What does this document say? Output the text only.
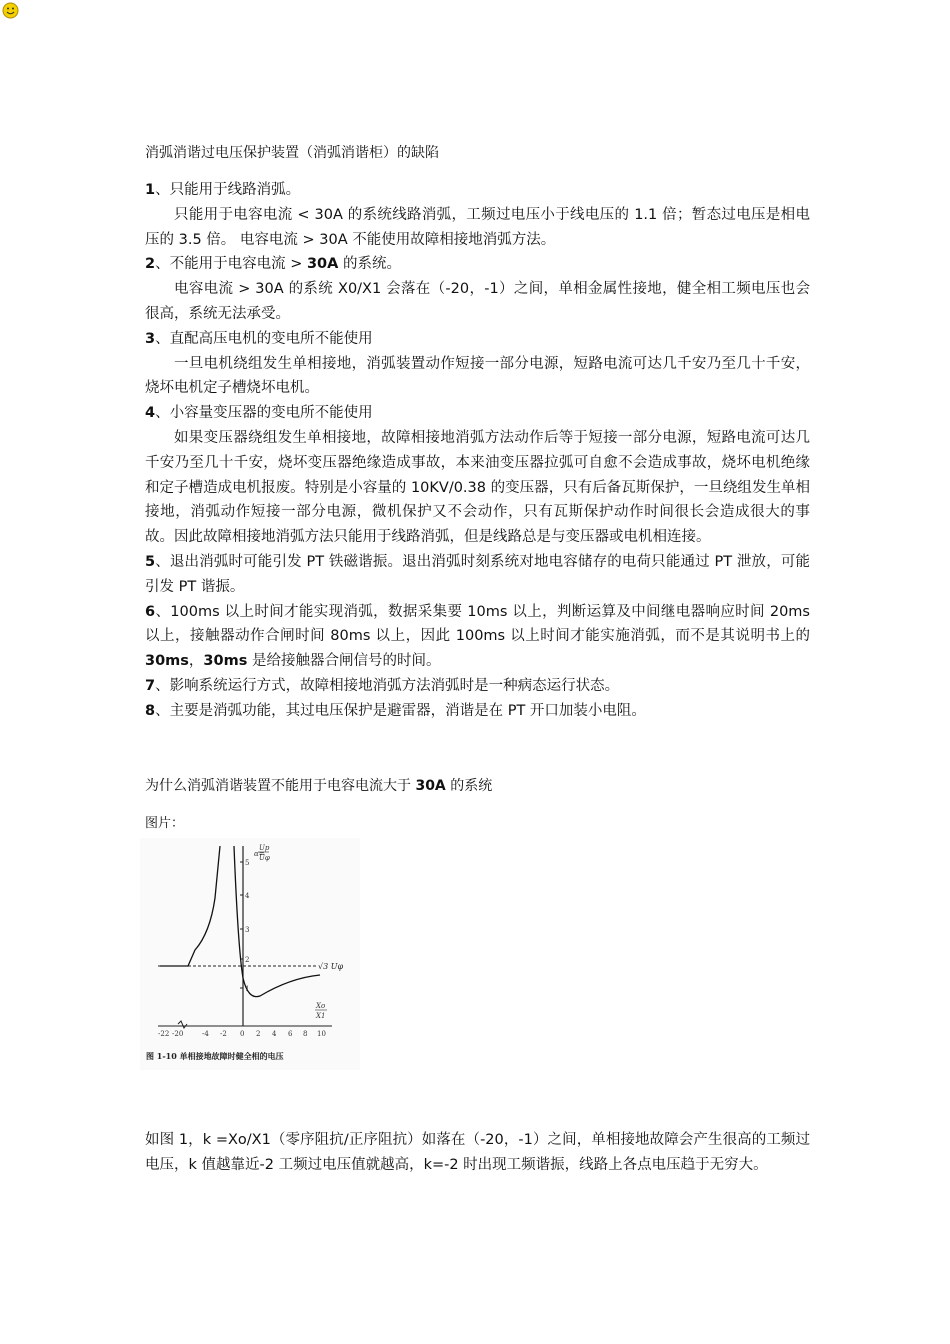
消弧消谐过电压保护装置（消弧消谐柜）的缺陷
1、只能用于线路消弧。
只能用于电容电流 < 30A 的系统线路消弧，工频过电压小于线电压的 1.1 倍；暂态过电压是相电压的 3.5 倍。 电容电流 > 30A 不能使用故障相接地消弧方法。
2、不能用于电容电流 > 30A 的系统。
电容电流 > 30A 的系统 X0/X1 会落在（-20，-1）之间，单相金属性接地，健全相工频电压也会很高，系统无法承受。
3、直配高压电机的变电所不能使用
一旦电机绕组发生单相接地，消弧装置动作短接一部分电源，短路电流可达几千安乃至几十千安，烧坏电机定子槽烧坏电机。
4、小容量变压器的变电所不能使用
如果变压器绕组发生单相接地，故障相接地消弧方法动作后等于短接一部分电源，短路电流可达几千安乃至几十千安，烧坏变压器绝缘造成事故，本来油变压器拉弧可自愈不会造成事故，烧坏电机绝缘和定子槽造成电机报废。特别是小容量的 10KV/0.38 的变压器，只有后备瓦斯保护，一旦绕组发生单相接地，消弧动作短接一部分电源，微机保护又不会动作，只有瓦斯保护动作时间很长会造成很大的事故。因此故障相接地消弧方法只能用于线路消弧，但是线路总是与变压器或电机相连接。
5、退出消弧时可能引发 PT 铁磁谐振。退出消弧时刻系统对地电容储存的电荷只能通过 PT 泄放，可能引发 PT 谐振。
6、100ms 以上时间才能实现消弧，数据采集要 10ms 以上，判断运算及中间继电器响应时间 20ms 以上，接触器动作合闸时间 80ms 以上，因此 100ms 以上时间才能实施消弧，而不是其说明书上的 30ms，30ms 是给接触器合闸信号的时间。
7、影响系统运行方式，故障相接地消弧方法消弧时是一种病态运行状态。
8、主要是消弧功能，其过电压保护是避雷器，消谐是在 PT 开口加装小电阻。
为什么消弧消谐装置不能用于电容电流大于 30A 的系统
图片：
5
4
3
2
1
α=
Up
Uφ
√3 Uφ
Xo
X1
-22 -20	-4 -2 0 2 4 6 8 10
图 1-10 单相接地故障时健全相的电压
如图 1，k =Xo/X1（零序阻抗/正序阻抗）如落在（-20，-1）之间，单相接地故障会产生很高的工频过电压，k 值越靠近-2 工频过电压值就越高，k=-2 时出现工频谐振，线路上各点电压趋于无穷大。
